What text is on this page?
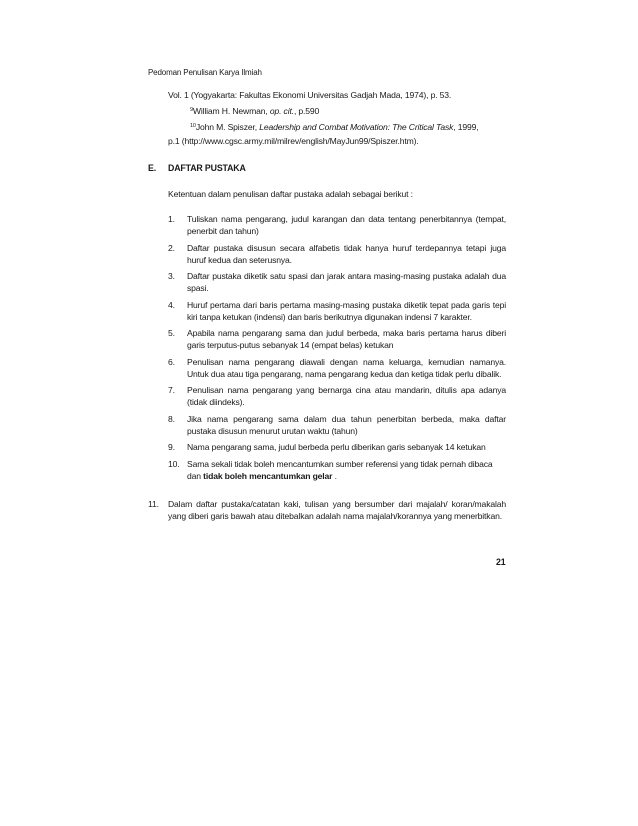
Pedoman Penulisan Karya Ilmiah
Vol. 1 (Yogyakarta: Fakultas Ekonomi Universitas Gadjah Mada, 1974), p. 53.
$^9$William H. Newman, op. cit., p.590
$^{10}$John M. Spiszer, Leadership and Combat Motivation: The Critical Task, 1999,
p.1 (http://www.cgsc.army.mil/milrev/english/MayJun99/Spiszer.htm).
E. DAFTAR PUSTAKA
Ketentuan dalam penulisan daftar pustaka adalah sebagai berikut :
1. Tuliskan nama pengarang, judul karangan dan data tentang penerbitannya (tempat, penerbit dan tahun)
2. Daftar pustaka disusun secara alfabetis tidak hanya huruf terdepannya tetapi juga huruf kedua dan seterusnya.
3. Daftar pustaka diketik satu spasi dan jarak antara masing-masing pustaka adalah dua spasi.
4. Huruf pertama dari baris pertama masing-masing pustaka diketik tepat pada garis tepi kiri tanpa ketukan (indensi) dan baris berikutnya digunakan indensi 7 karakter.
5. Apabila nama pengarang sama dan judul berbeda, maka baris pertama harus diberi garis terputus-putus sebanyak 14 (empat belas) ketukan
6. Penulisan nama pengarang diawali dengan nama keluarga, kemudian namanya. Untuk dua atau tiga pengarang, nama pengarang kedua dan ketiga tidak perlu dibalik.
7. Penulisan nama pengarang yang bernarga cina atau mandarin, ditulis apa adanya (tidak diindeks).
8. Jika nama pengarang sama dalam dua tahun penerbitan berbeda, maka daftar pustaka disusun menurut urutan waktu (tahun)
9. Nama pengarang sama, judul berbeda perlu diberikan garis sebanyak 14 ketukan
10. Sama sekali tidak boleh mencantumkan sumber referensi yang tidak pernah dibaca
dan tidak boleh mencantumkan gelar .
11.	Dalam daftar pustaka/catatan kaki, tulisan yang bersumber dari majalah/ koran/makalah yang diberi garis bawah atau ditebalkan adalah nama majalah/korannya yang menerbitkan.
21
